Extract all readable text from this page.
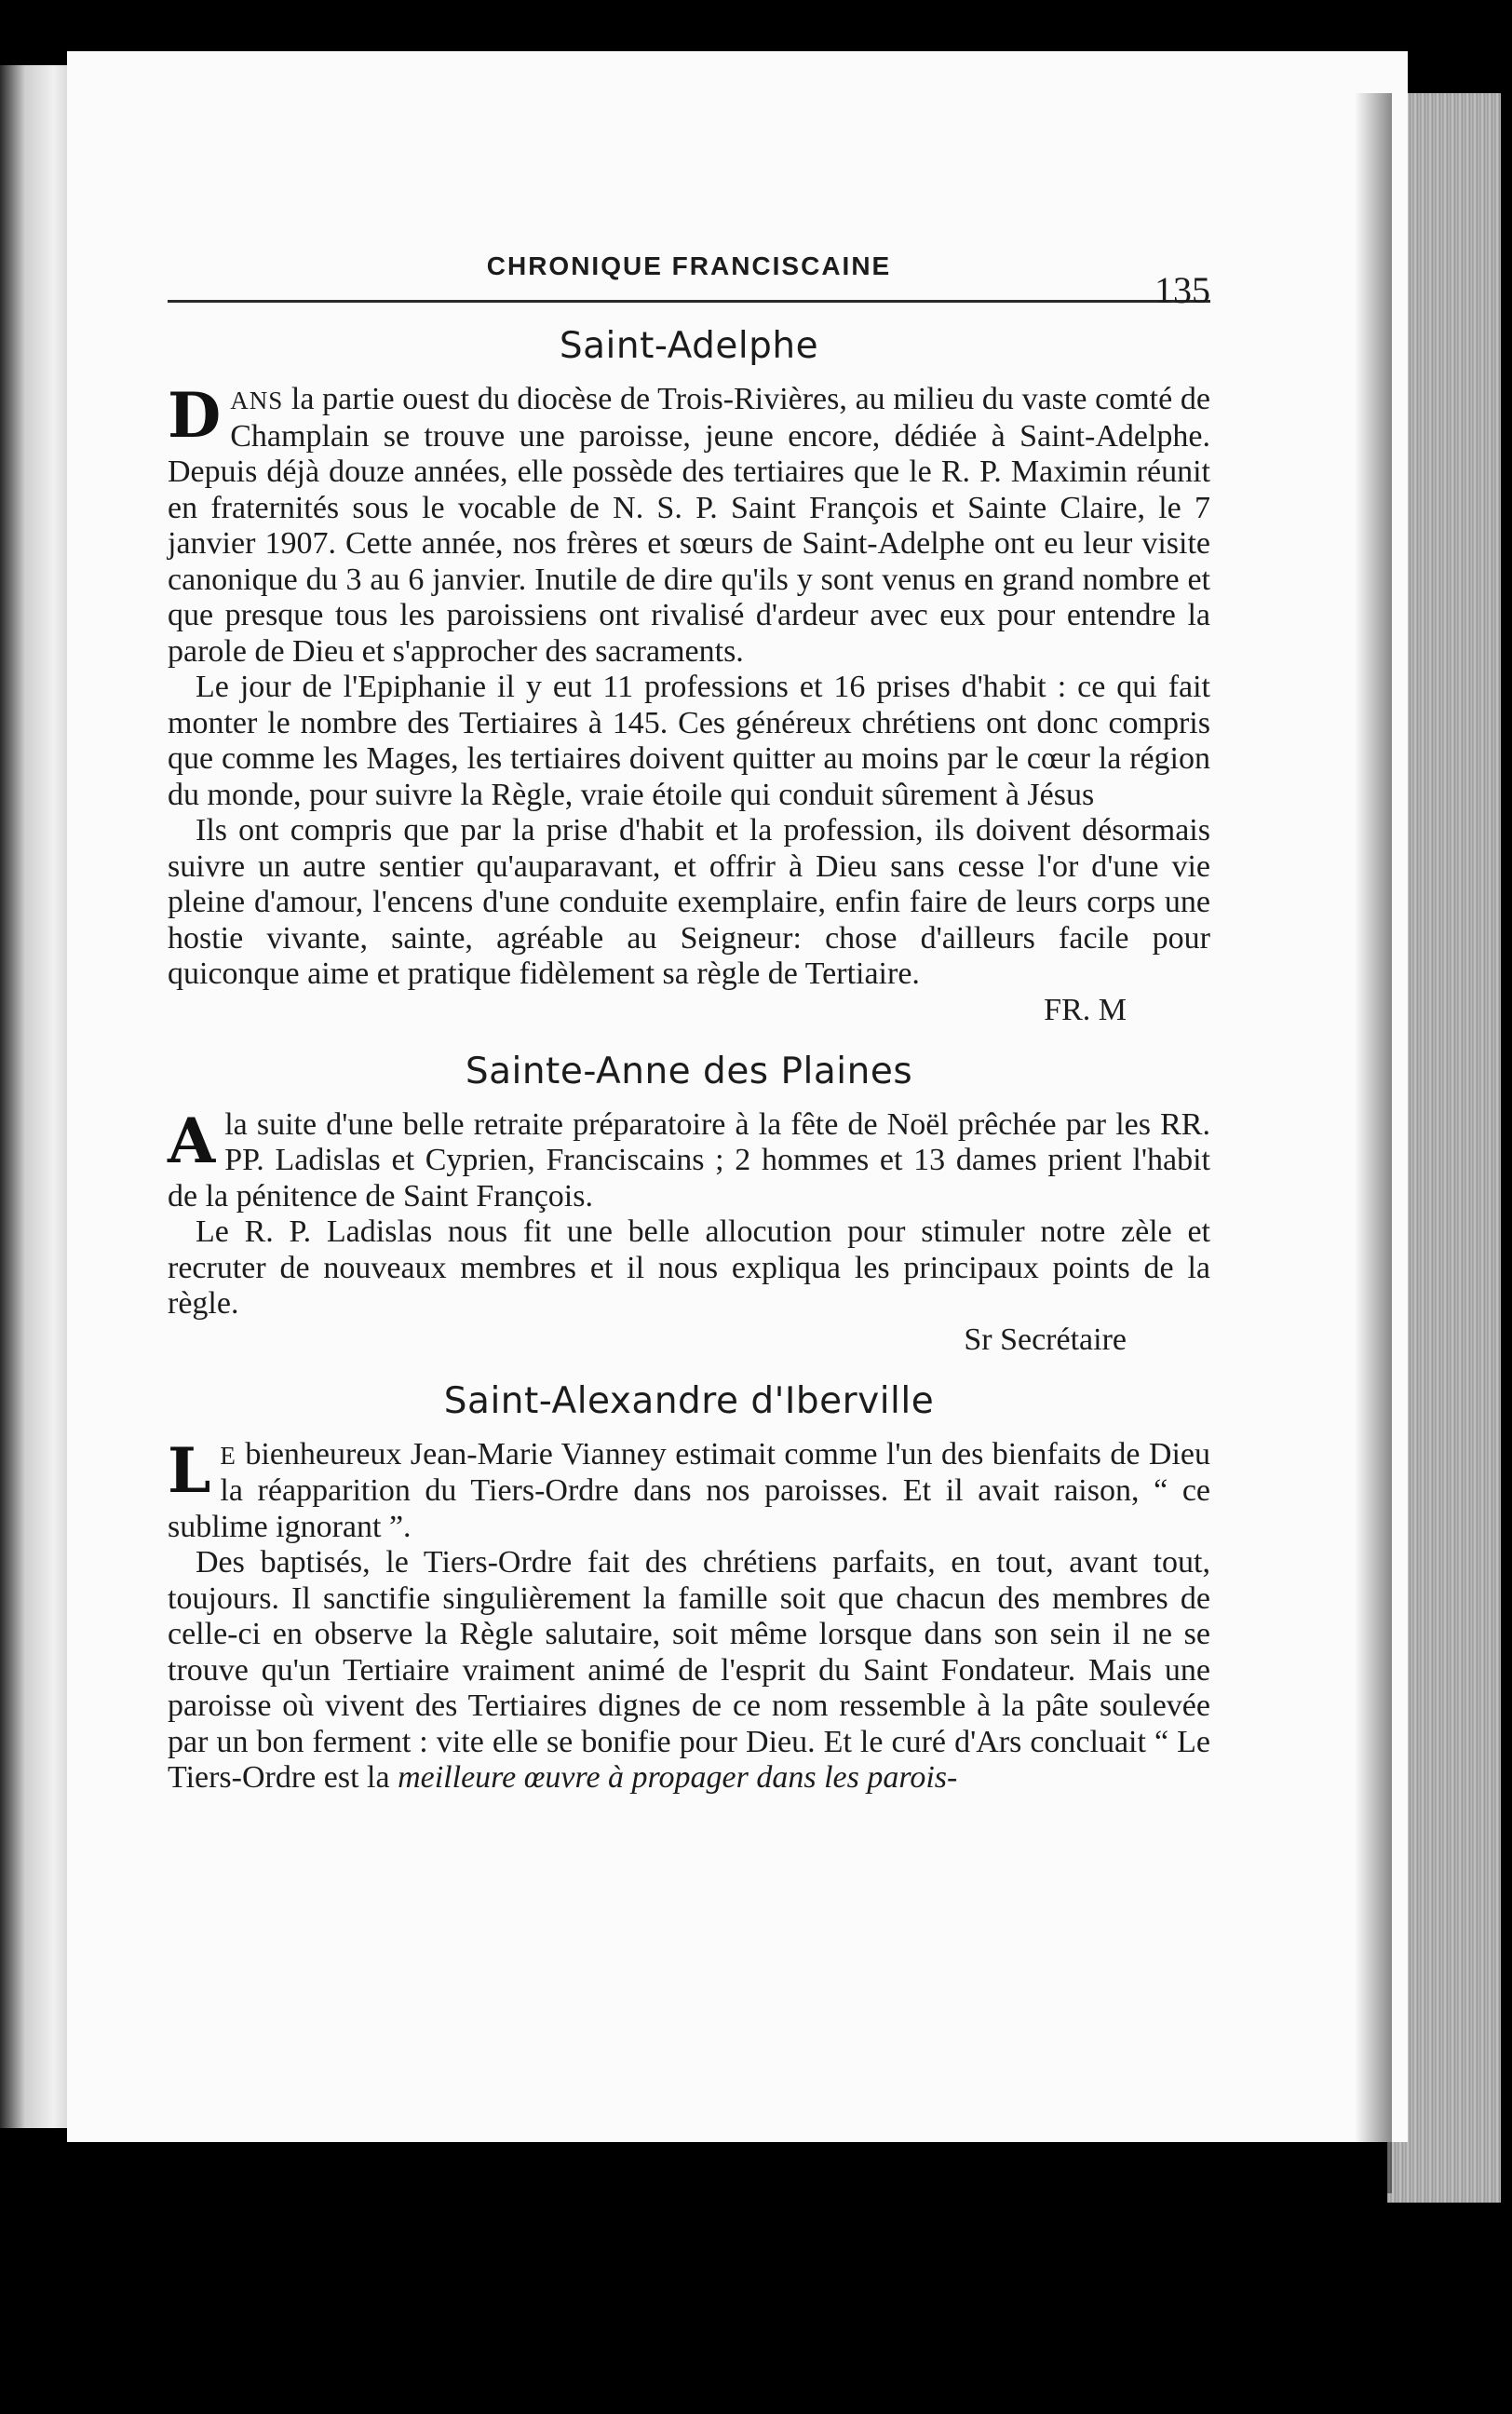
CHRONIQUE FRANCISCAINE
135
Saint-Adelphe

DANS la partie ouest du diocèse de Trois-Rivières, au milieu du vaste comté de Champlain se trouve une paroisse, jeune encore, dédiée à Saint-Adelphe. Depuis déjà douze années, elle possède des tertiaires que le R. P. Maximin réunit en fraternités sous le vocable de N. S. P. Saint François et Sainte Claire, le 7 janvier 1907. Cette année, nos frères et sœurs de Saint-Adelphe ont eu leur visite canonique du 3 au 6 janvier. Inutile de dire qu'ils y sont venus en grand nombre et que presque tous les paroissiens ont rivalisé d'ardeur avec eux pour entendre la parole de Dieu et s'approcher des sacraments.

Le jour de l'Epiphanie il y eut 11 professions et 16 prises d'habit : ce qui fait monter le nombre des Tertiaires à 145. Ces généreux chrétiens ont donc compris que comme les Mages, les tertiaires doivent quitter au moins par le cœur la région du monde, pour suivre la Règle, vraie étoile qui conduit sûrement à Jésus

Ils ont compris que par la prise d'habit et la profession, ils doivent désormais suivre un autre sentier qu'auparavant, et offrir à Dieu sans cesse l'or d'une vie pleine d'amour, l'encens d'une conduite exemplaire, enfin faire de leurs corps une hostie vivante, sainte, agréable au Seigneur: chose d'ailleurs facile pour quiconque aime et pratique fidèlement sa règle de Tertiaire.

FR. M

Sainte-Anne des Plaines

A la suite d'une belle retraite préparatoire à la fête de Noël prêchée par les RR. PP. Ladislas et Cyprien, Franciscains ; 2 hommes et 13 dames prient l'habit de la pénitence de Saint François.

Le R. P. Ladislas nous fit une belle allocution pour stimuler notre zèle et recruter de nouveaux membres et il nous expliqua les principaux points de la règle.

Sr Secrétaire

Saint-Alexandre d'Iberville

L E bienheureux Jean-Marie Vianney estimait comme l'un des bienfaits de Dieu la réapparition du Tiers-Ordre dans nos paroisses. Et il avait raison, “ ce sublime ignorant ”.

Des baptisés, le Tiers-Ordre fait des chrétiens parfaits, en tout, avant tout, toujours. Il sanctifie singulièrement la famille soit que chacun des membres de celle-ci en observe la Règle salutaire, soit même lorsque dans son sein il ne se trouve qu'un Tertiaire vraiment animé de l'esprit du Saint Fondateur. Mais une paroisse où vivent des Tertiaires dignes de ce nom ressemble à la pâte soulevée par un bon ferment : vite elle se bonifie pour Dieu. Et le curé d'Ars concluait “ Le Tiers-Ordre est la meilleure œuvre à propager dans les parois-
